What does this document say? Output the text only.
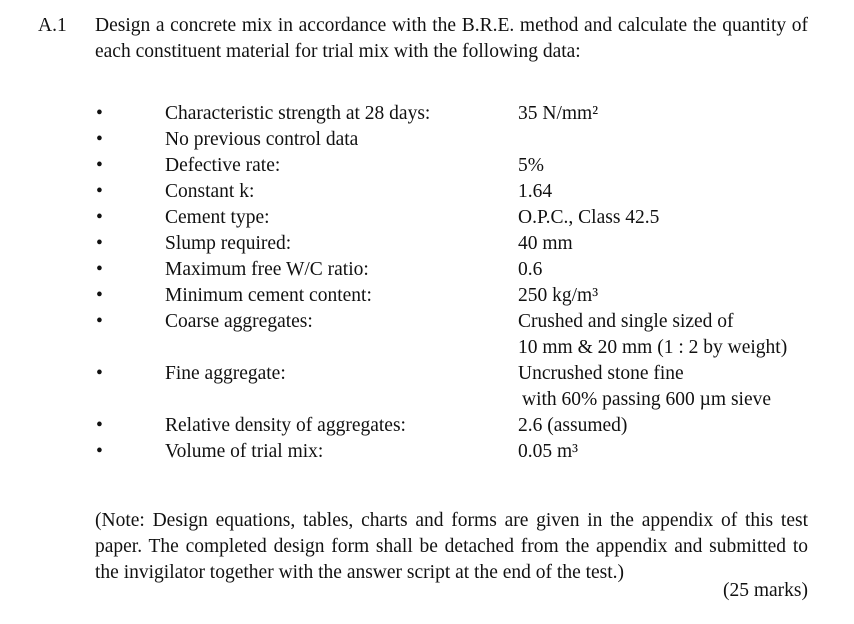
A.1 Design a concrete mix in accordance with the B.R.E. method and calculate the quantity of each constituent material for trial mix with the following data:
•	Characteristic strength at 28 days:	35 N/mm²
•	No previous control data
•	Defective rate:	5%
•	Constant k:	1.64
•	Cement type:	O.P.C., Class 42.5
•	Slump required:	40 mm
•	Maximum free W/C ratio:	0.6
•	Minimum cement content:	250 kg/m³
•	Coarse aggregates:	Crushed and single sized of
10 mm & 20 mm (1 : 2 by weight)
•	Fine aggregate:	Uncrushed stone fine
with 60% passing 600 µm sieve
•	Relative density of aggregates:	2.6 (assumed)
•	Volume of trial mix:	0.05 m³
(Note: Design equations, tables, charts and forms are given in the appendix of this test paper. The completed design form shall be detached from the appendix and submitted to the invigilator together with the answer script at the end of the test.)
(25 marks)
